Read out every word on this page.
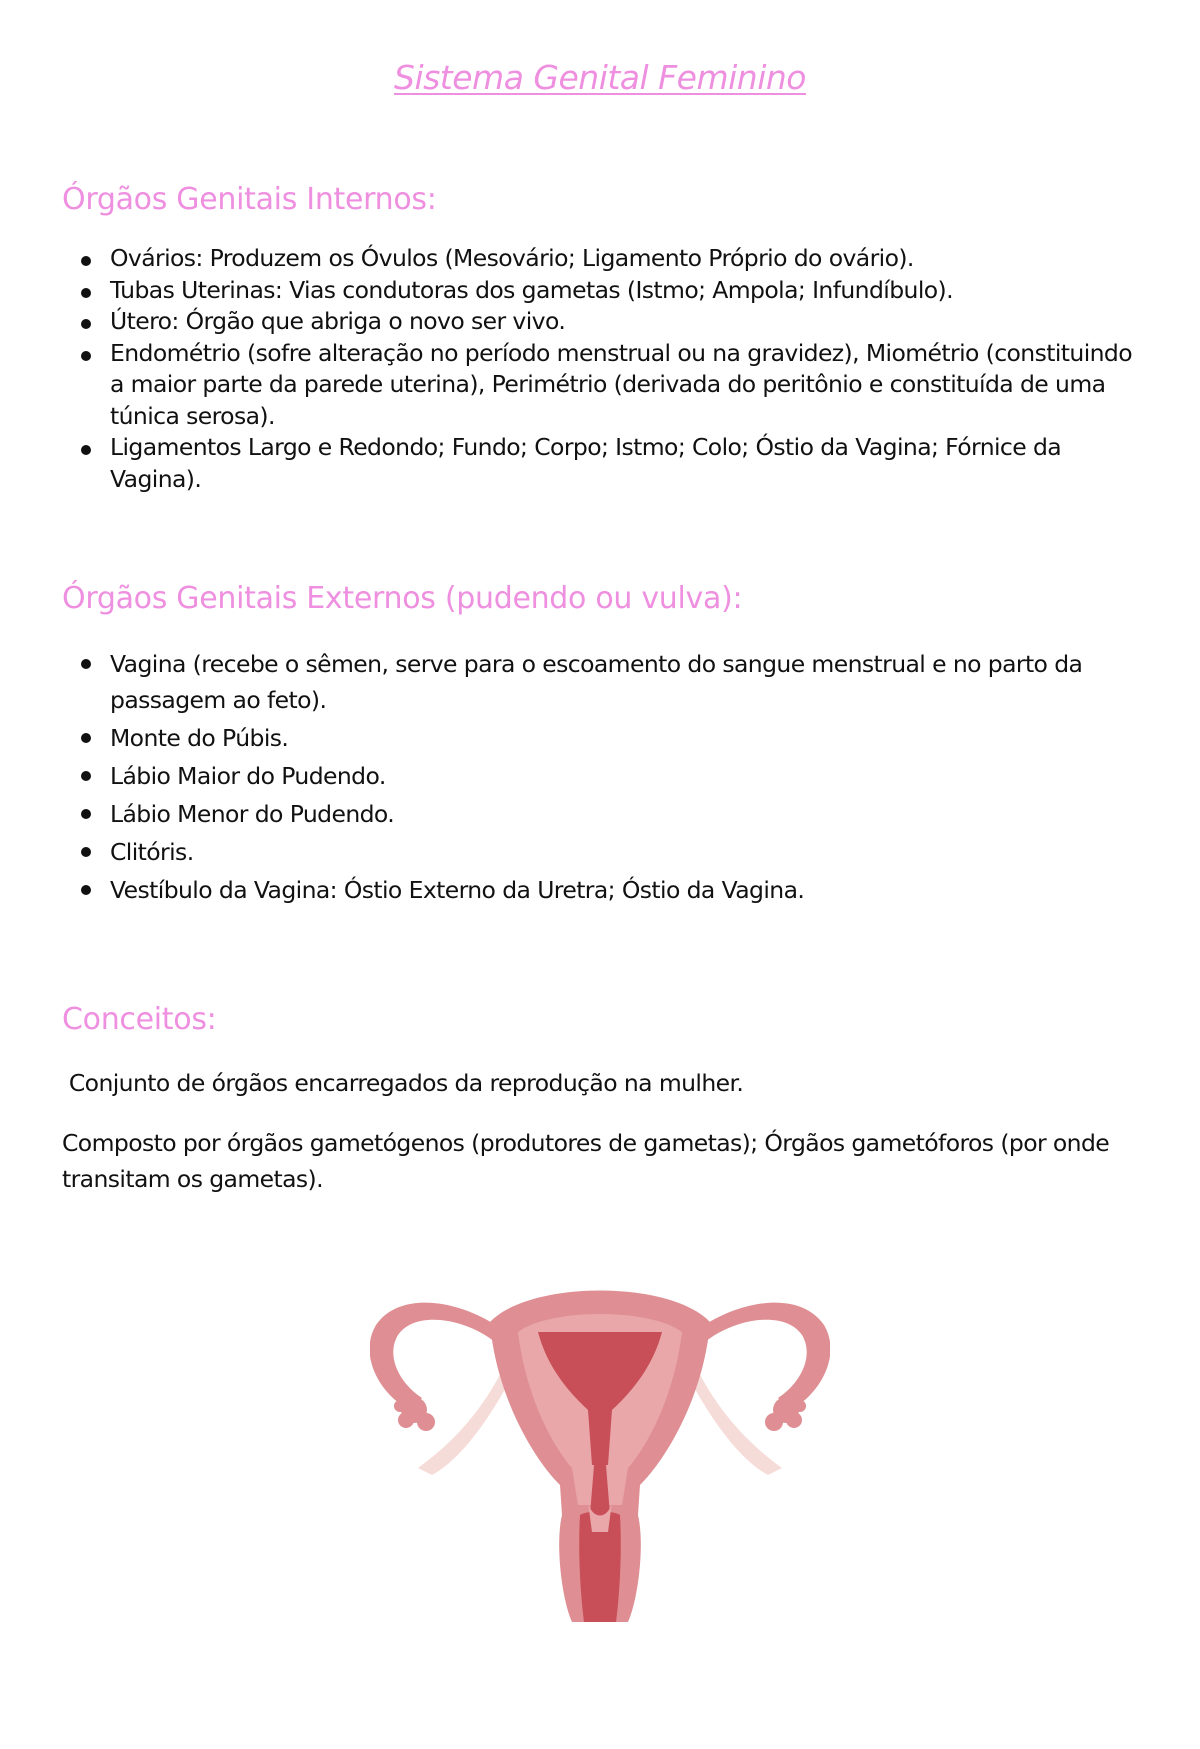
Sistema Genital Feminino
Órgãos Genitais Internos:
Ovários: Produzem os Óvulos (Mesovário; Ligamento Próprio do ovário).
Tubas Uterinas: Vias condutoras dos gametas (Istmo; Ampola; Infundíbulo).
Útero: Órgão que abriga o novo ser vivo.
Endométrio (sofre alteração no período menstrual ou na gravidez), Miométrio (constituindo a maior parte da parede uterina), Perimétrio (derivada do peritônio e constituída de uma túnica serosa).
Ligamentos Largo e Redondo; Fundo; Corpo; Istmo; Colo; Óstio da Vagina; Fórnice da Vagina).
Órgãos Genitais Externos (pudendo ou vulva):
Vagina (recebe o sêmen, serve para o escoamento do sangue menstrual e no parto da passagem ao feto).
Monte do Púbis.
Lábio Maior do Pudendo.
Lábio Menor do Pudendo.
Clitóris.
Vestíbulo da Vagina: Óstio Externo da Uretra; Óstio da Vagina.
Conceitos:

Conjunto de órgãos encarregados da reprodução na mulher.

Composto por órgãos gametógenos (produtores de gametas); Órgãos gametóforos (por onde transitam os gametas).
